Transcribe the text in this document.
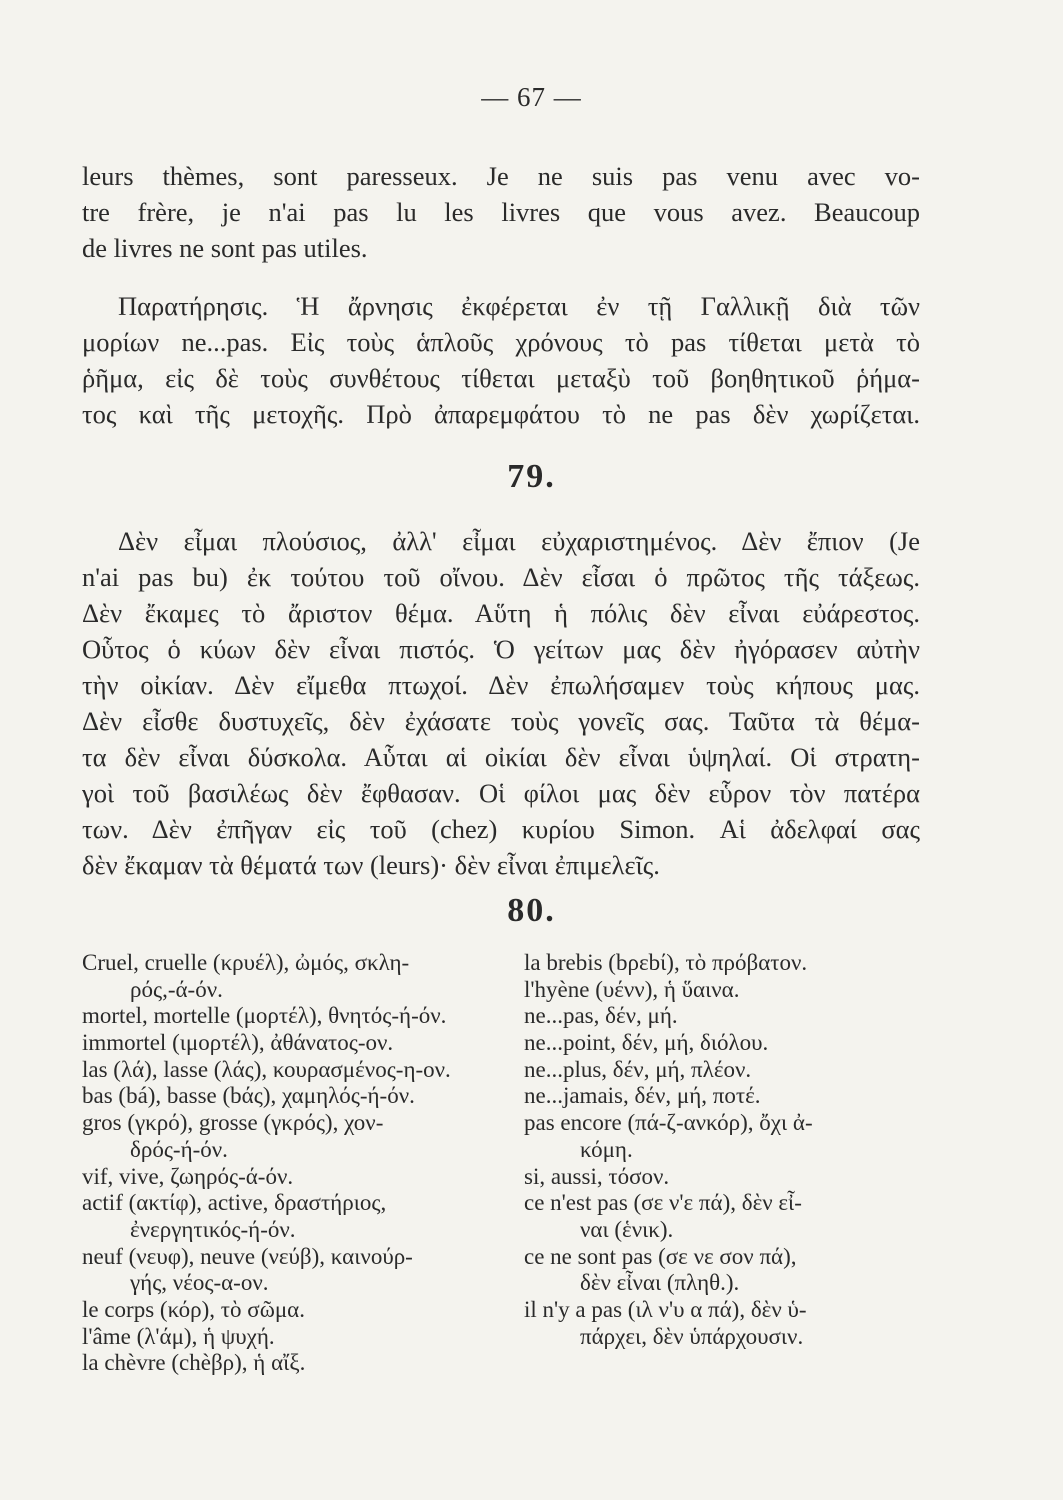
— 67 —
leurs thèmes, sont paresseux. Je ne suis pas venu avec vo-
tre frère, je n'ai pas lu les livres que vous avez. Beaucoup
de livres ne sont pas utiles.
Παρατήρησις. Ἡ ἄρνησις ἐκφέρεται ἐν τῇ Γαλλικῇ διὰ τῶν
μορίων ne...pas. Εἰς τοὺς ἁπλοῦς χρόνους τὸ pas τίθεται μετὰ τὸ
ῥῆμα, εἰς δὲ τοὺς συνθέτους τίθεται μεταξὺ τοῦ βοηθητικοῦ ῥήμα-
τος καὶ τῆς μετοχῆς. Πρὸ ἀπαρεμφάτου τὸ ne pas δὲν χωρίζεται.
79.
Δὲν εἶμαι πλούσιος, ἀλλ' εἶμαι εὐχαριστημένος. Δὲν ἔπιον (Je
n'ai pas bu) ἐκ τούτου τοῦ οἴνου. Δὲν εἶσαι ὁ πρῶτος τῆς τάξεως.
Δὲν ἔκαμες τὸ ἄριστον θέμα. Αὕτη ἡ πόλις δὲν εἶναι εὐάρεστος.
Οὗτος ὁ κύων δὲν εἶναι πιστός. Ὁ γείτων μας δὲν ἠγόρασεν αὐτὴν
τὴν οἰκίαν. Δὲν εἴμεθα πτωχοί. Δὲν ἐπωλήσαμεν τοὺς κήπους μας.
Δὲν εἶσθε δυστυχεῖς, δὲν ἐχάσατε τοὺς γονεῖς σας. Ταῦτα τὰ θέμα-
τα δὲν εἶναι δύσκολα. Αὗται αἱ οἰκίαι δὲν εἶναι ὑψηλαί. Οἱ στρατη-
γοὶ τοῦ βασιλέως δὲν ἔφθασαν. Οἱ φίλοι μας δὲν εὗρον τὸν πατέρα
των. Δὲν ἐπῆγαν εἰς τοῦ (chez) κυρίου Simon. Αἱ ἀδελφαί σας
δὲν ἔκαμαν τὰ θέματά των (leurs)· δὲν εἶναι ἐπιμελεῖς.
80.
Cruel, cruelle (κρυέλ), ὠμός, σκλη-
ρός,-ά-όν.
mortel, mortelle (μορτέλ), θνητός-ή-όν.
immortel (ιμορτέλ), ἀθάνατος-ον.
las (λά), lasse (λάς), κουρασμένος-η-ον.
bas (bá), basse (bάς), χαμηλός-ή-όν.
gros (γκρό), grosse (γκρός), χον-
δρός-ή-όν.
vif, vive, ζωηρός-ά-όν.
actif (ακτίφ), active, δραστήριος,
ἐνεργητικός-ή-όν.
neuf (νευφ), neuve (νεύβ), καινούρ-
γής, νέος-α-ον.
le corps (κόρ), τὸ σῶμα.
l'âme (λ'άμ), ἡ ψυχή.
la chèvre (chèβρ), ἡ αἴξ.
la brebis (bρεbί), τὸ πρόβατον.
l'hyène (υένν), ἡ ὕαινα.
ne...pas, δέν, μή.
ne...point, δέν, μή, διόλου.
ne...plus, δέν, μή, πλέον.
ne...jamais, δέν, μή, ποτέ.
pas encore (πά-ζ-ανκόρ), ὄχι ἀ-
κόμη.
si, aussi, τόσον.
ce n'est pas (σε ν'ε πά), δὲν εἶ-
ναι (ἑνικ).
ce ne sont pas (σε νε σον πά),
δὲν εἶναι (πληθ.).
il n'y a pas (ιλ ν'υ α πά), δὲν ὑ-
πάρχει, δὲν ὑπάρχουσιν.
